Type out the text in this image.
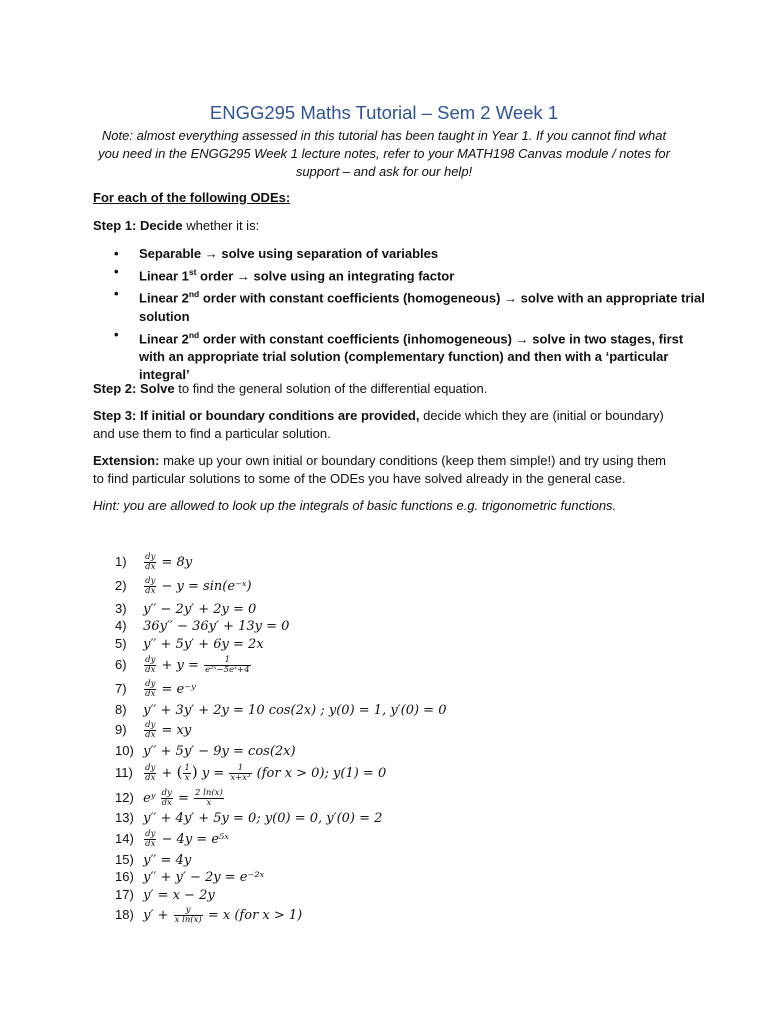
ENGG295 Maths Tutorial – Sem 2 Week 1
Note: almost everything assessed in this tutorial has been taught in Year 1. If you cannot find what you need in the ENGG295 Week 1 lecture notes, refer to your MATH198 Canvas module / notes for support – and ask for our help!
For each of the following ODEs:
Step 1: Decide whether it is:
• Separable → solve using separation of variables
• Linear 1st order → solve using an integrating factor
• Linear 2nd order with constant coefficients (homogeneous) → solve with an appropriate trial solution
• Linear 2nd order with constant coefficients (inhomogeneous) → solve in two stages, first with an appropriate trial solution (complementary function) and then with a ‘particular integral’
Step 2: Solve to find the general solution of the differential equation.
Step 3: If initial or boundary conditions are provided, decide which they are (initial or boundary) and use them to find a particular solution.
Extension: make up your own initial or boundary conditions (keep them simple!) and try using them to find particular solutions to some of the ODEs you have solved already in the general case.
Hint: you are allowed to look up the integrals of basic functions e.g. trigonometric functions.
$1) \frac{dy}{dx} = 8y$
$2) \frac{dy}{dx} - y$ = sin(e⁻ˣ)
3) y′′ − 2y′ + 2y = 0
4) 36y′′ − 36y′ + 13y = 0
5) y′′ + 5y′ + 6y = 2x
$6) \frac{dy}{dx} + y = \frac{1}{\text{e²ˣ−5eˣ+4}}$
$7) \frac{dy}{dx}$ = e⁻ʸ
8) y′′ + 3y′ + 2y = 10 cos(2x) ; y(0) = 1, y′(0) = 0
$9) \frac{dy}{dx}$ = xy
10) y′′ + 5y′ − 9y = cos(2x)
$11) \frac{dy}{dx}$ + ( $\frac{1}{x}$ ) $y = \frac{1}{\text{x+x³}} (for$ x > 0); y(1) = 0
12) eʸ $\frac{dy}{dx} = \frac{2 \ln(x)}{x}$
13) y′′ + 4y′ + 5y = 0; y(0) = 0, y′(0) = 2
$14) \frac{dy}{dx} - 4y$ = e⁵ˣ
15) y′′ = 4y
16) y′′ + y′ − 2y = e⁻²ˣ
17) y′ = x − 2y
18) $y' + \frac{y}{\text{x ln(x)}} = x$ (for x > 1)
